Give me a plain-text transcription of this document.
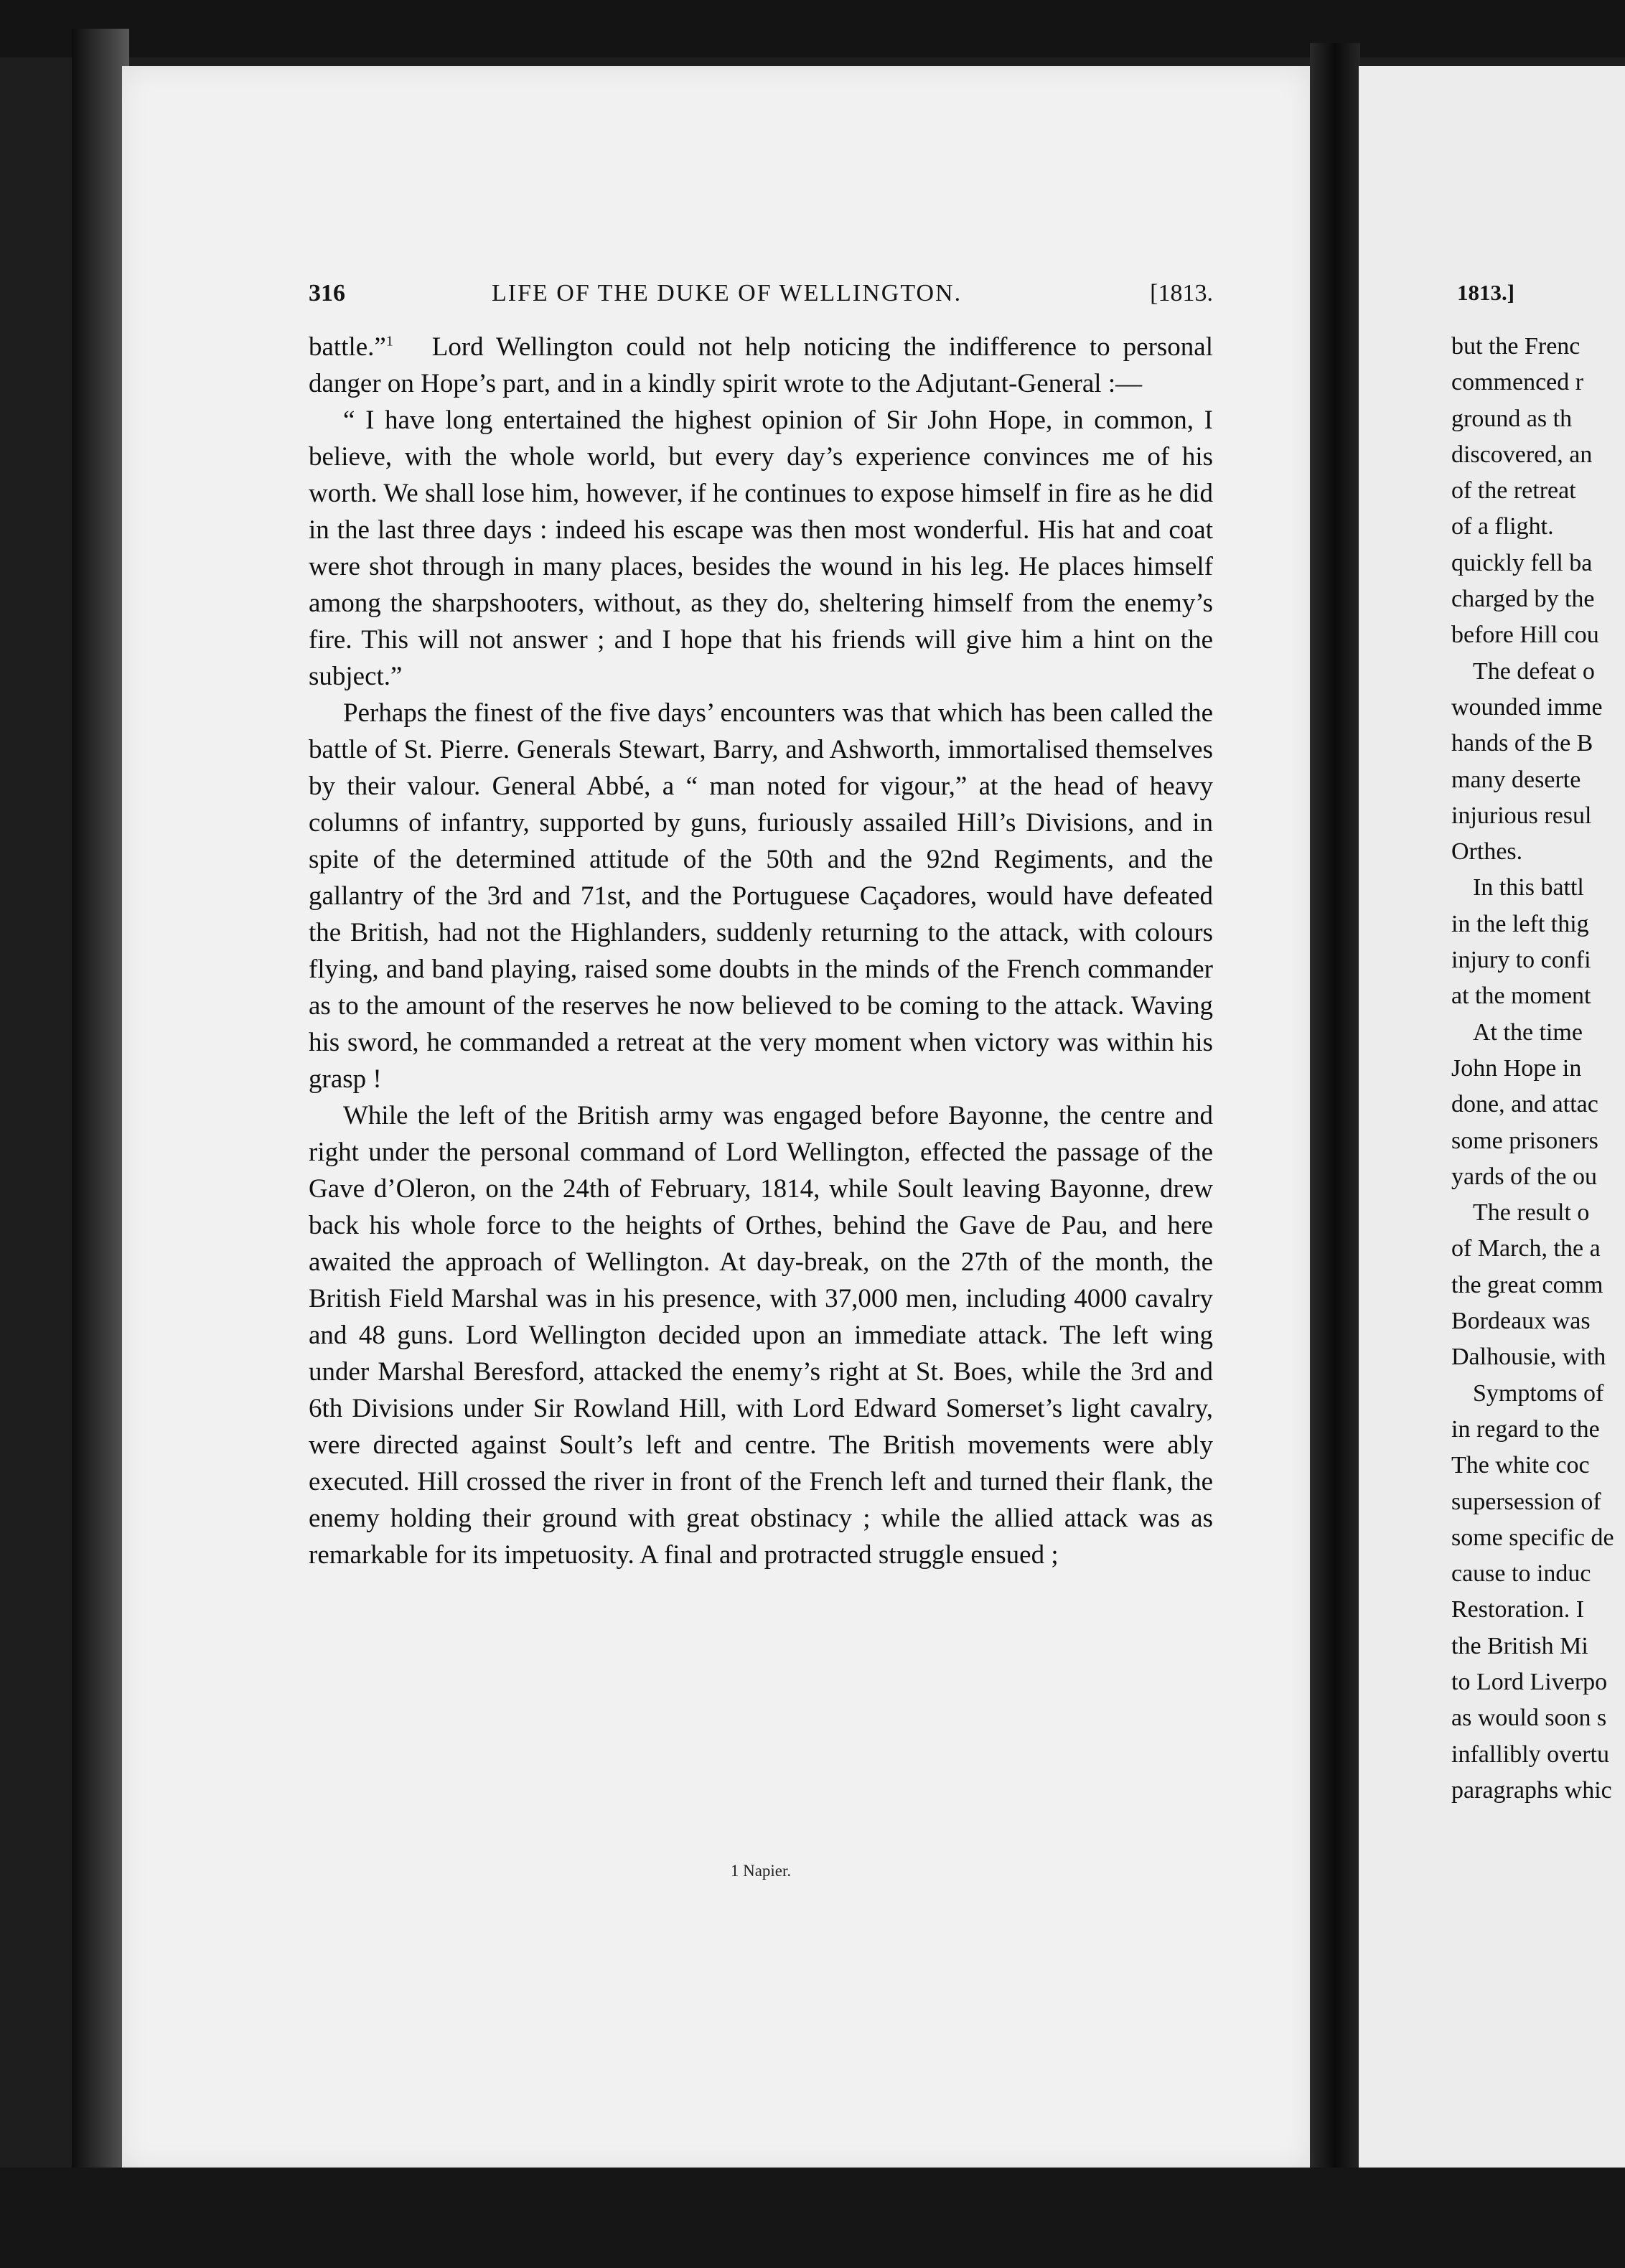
316	LIFE OF THE DUKE OF WELLINGTON.	[1813.

battle.”$^1$ Lord Wellington could not help noticing the indifference to personal danger on Hope’s part, and in a kindly spirit wrote to the Adjutant-General :—

“ I have long entertained the highest opinion of Sir John Hope, in common, I believe, with the whole world, but every day’s experience convinces me of his worth. We shall lose him, however, if he continues to expose himself in fire as he did in the last three days : indeed his escape was then most wonderful. His hat and coat were shot through in many places, besides the wound in his leg. He places himself among the sharpshooters, without, as they do, sheltering himself from the enemy’s fire. This will not answer ; and I hope that his friends will give him a hint on the subject.”

Perhaps the finest of the five days’ encounters was that which has been called the battle of St. Pierre. Generals Stewart, Barry, and Ashworth, immortalised themselves by their valour. General Abbé, a “ man noted for vigour,” at the head of heavy columns of infantry, supported by guns, furiously assailed Hill’s Divisions, and in spite of the determined attitude of the 50th and the 92nd Regiments, and the gallantry of the 3rd and 71st, and the Portuguese Caçadores, would have defeated the British, had not the Highlanders, suddenly returning to the attack, with colours flying, and band playing, raised some doubts in the minds of the French commander as to the amount of the reserves he now believed to be coming to the attack. Waving his sword, he commanded a retreat at the very moment when victory was within his grasp !

While the left of the British army was engaged before Bayonne, the centre and right under the personal command of Lord Wellington, effected the passage of the Gave d’Oleron, on the 24th of February, 1814, while Soult leaving Bayonne, drew back his whole force to the heights of Orthes, behind the Gave de Pau, and here awaited the approach of Wellington. At day-break, on the 27th of the month, the British Field Marshal was in his presence, with 37,000 men, including 4000 cavalry and 48 guns. Lord Wellington decided upon an immediate attack. The left wing under Marshal Beresford, attacked the enemy’s right at St. Boes, while the 3rd and 6th Divisions under Sir Rowland Hill, with Lord Edward Somerset’s light cavalry, were directed against Soult’s left and centre. The British movements were ably executed. Hill crossed the river in front of the French left and turned their flank, the enemy holding their ground with great obstinacy ; while the allied attack was as remarkable for its impetuosity. A final and protracted struggle ensued ;

1 Napier.
1813.]
but the Frenc
commenced r
ground as th
discovered, an
of the retreat
of a flight.
quickly fell ba
charged by the
before Hill cou
The defeat o
wounded imme
hands of the B
many deserte
injurious resul
Orthes.
In this battl
in the left thig
injury to confi
at the moment
At the time
John Hope in
done, and attac
some prisoners
yards of the ou
The result o
of March, the a
the great comm
Bordeaux was
Dalhousie, with
Symptoms of
in regard to the
The white coc
supersession of
some specific de
cause to induc
Restoration. I
the British Mi
to Lord Liverpo
as would soon s
infallibly overtu
paragraphs whic
